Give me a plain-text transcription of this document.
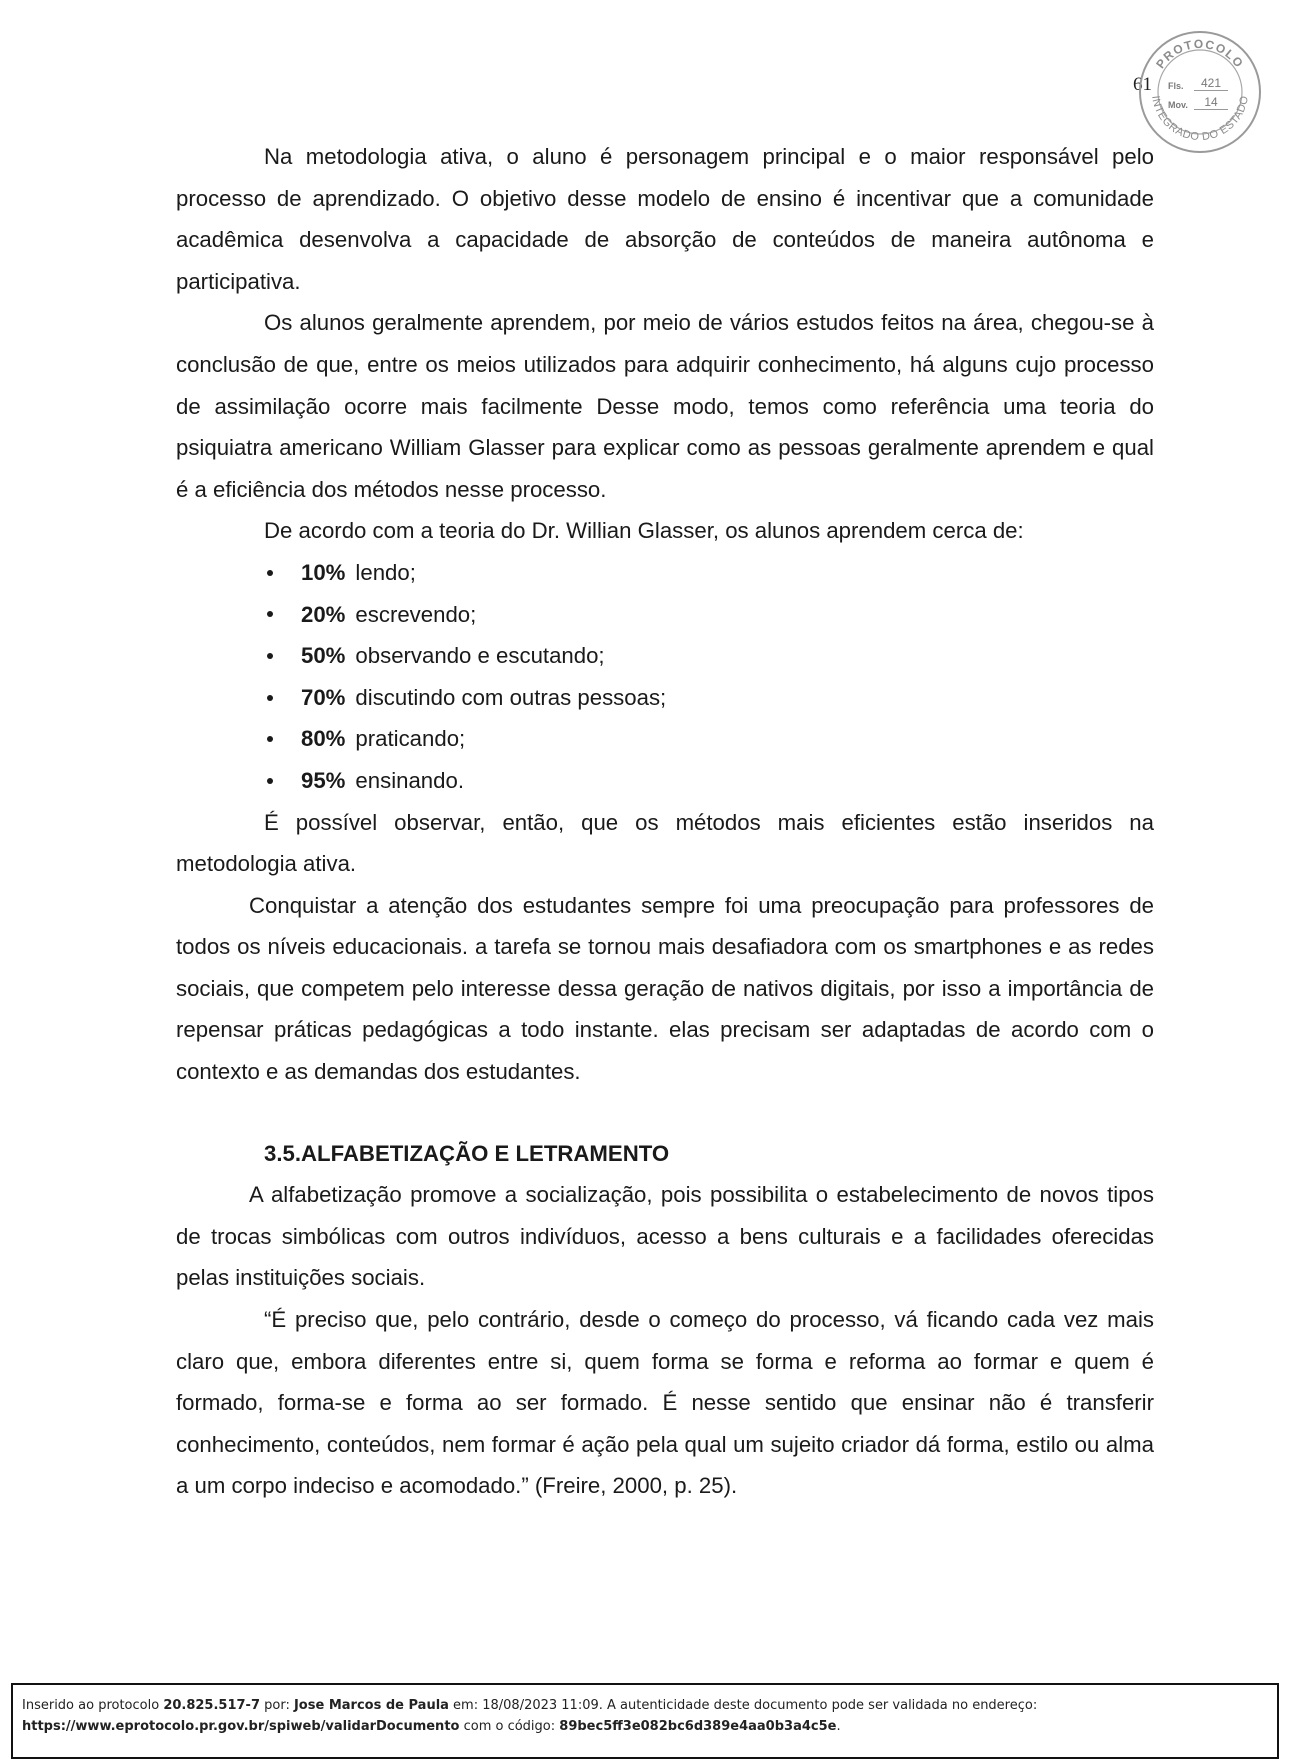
61
PROTOCOLO
INTEGRADO DO ESTADO
Fls.	421
Mov.	14

Na metodologia ativa, o aluno é personagem principal e o maior responsável pelo processo de aprendizado. O objetivo desse modelo de ensino é incentivar que a comunidade acadêmica desenvolva a capacidade de absorção de conteúdos de maneira autônoma e participativa.

Os alunos geralmente aprendem, por meio de vários estudos feitos na área, chegou-se à conclusão de que, entre os meios utilizados para adquirir conhecimento, há alguns cujo processo de assimilação ocorre mais facilmente Desse modo, temos como referência uma teoria do psiquiatra americano William Glasser para explicar como as pessoas geralmente aprendem e qual é a eficiência dos métodos nesse processo.

De acordo com a teoria do Dr. Willian Glasser, os alunos aprendem cerca de:

10% lendo;
20% escrevendo;
50% observando e escutando;
70% discutindo com outras pessoas;
80% praticando;
95% ensinando.

É possível observar, então, que os métodos mais eficientes estão inseridos na metodologia ativa.

Conquistar a atenção dos estudantes sempre foi uma preocupação para professores de todos os níveis educacionais. a tarefa se tornou mais desafiadora com os smartphones e as redes sociais, que competem pelo interesse dessa geração de nativos digitais, por isso a importância de repensar práticas pedagógicas a todo instante. elas precisam ser adaptadas de acordo com o contexto e as demandas dos estudantes.

3.5.ALFABETIZAÇÃO E LETRAMENTO

A alfabetização promove a socialização, pois possibilita o estabelecimento de novos tipos de trocas simbólicas com outros indivíduos, acesso a bens culturais e a facilidades oferecidas pelas instituições sociais.

“É preciso que, pelo contrário, desde o começo do processo, vá ficando cada vez mais claro que, embora diferentes entre si, quem forma se forma e reforma ao formar e quem é formado, forma-se e forma ao ser formado. É nesse sentido que ensinar não é transferir conhecimento, conteúdos, nem formar é ação pela qual um sujeito criador dá forma, estilo ou alma a um corpo indeciso e acomodado.” (Freire, 2000, p. 25).

Inserido ao protocolo 20.825.517-7 por: Jose Marcos de Paula em: 18/08/2023 11:09. A autenticidade deste documento pode ser validada no endereço:
https://www.eprotocolo.pr.gov.br/spiweb/validarDocumento com o código: 89bec5ff3e082bc6d389e4aa0b3a4c5e.
